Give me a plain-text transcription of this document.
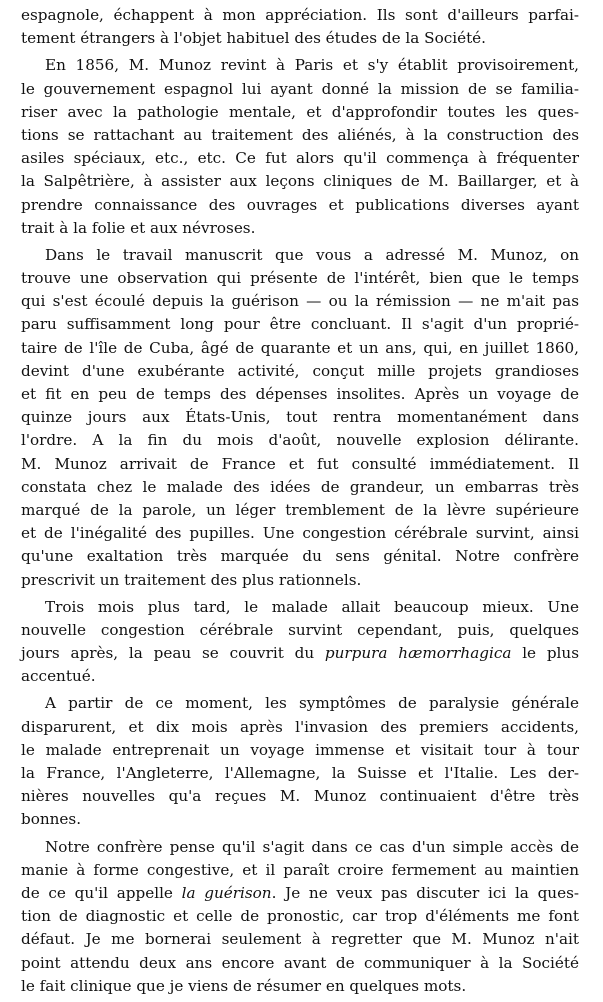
espagnole, échappent à mon appréciation. Ils sont d'ailleurs parfai-
tement étrangers à l'objet habituel des études de la Société.
En 1856, M. Munoz revint à Paris et s'y établit provisoirement,
le gouvernement espagnol lui ayant donné la mission de se familia-
riser avec la pathologie mentale, et d'approfondir toutes les ques-
tions se rattachant au traitement des aliénés, à la construction des
asiles spéciaux, etc., etc. Ce fut alors qu'il commença à fréquenter
la Salpêtrière, à assister aux leçons cliniques de M. Baillarger, et à
prendre connaissance des ouvrages et publications diverses ayant
trait à la folie et aux névroses.
Dans le travail manuscrit que vous a adressé M. Munoz, on
trouve une observation qui présente de l'intérêt, bien que le temps
qui s'est écoulé depuis la guérison — ou la rémission — ne m'ait pas
paru suffisamment long pour être concluant. Il s'agit d'un proprié-
taire de l'île de Cuba, âgé de quarante et un ans, qui, en juillet 1860,
devint d'une exubérante activité, conçut mille projets grandioses
et fit en peu de temps des dépenses insolites. Après un voyage de
quinze jours aux États-Unis, tout rentra momentanément dans
l'ordre. A la fin du mois d'août, nouvelle explosion délirante.
M. Munoz arrivait de France et fut consulté immédiatement. Il
constata chez le malade des idées de grandeur, un embarras très
marqué de la parole, un léger tremblement de la lèvre supérieure
et de l'inégalité des pupilles. Une congestion cérébrale survint, ainsi
qu'une exaltation très marquée du sens génital. Notre confrère
prescrivit un traitement des plus rationnels.
Trois mois plus tard, le malade allait beaucoup mieux. Une
nouvelle congestion cérébrale survint cependant, puis, quelques
jours après, la peau se couvrit du purpura hæmorrhagica le plus
accentué.
A partir de ce moment, les symptômes de paralysie générale
disparurent, et dix mois après l'invasion des premiers accidents,
le malade entreprenait un voyage immense et visitait tour à tour
la France, l'Angleterre, l'Allemagne, la Suisse et l'Italie. Les der-
nières nouvelles qu'a reçues M. Munoz continuaient d'être très
bonnes.
Notre confrère pense qu'il s'agit dans ce cas d'un simple accès de
manie à forme congestive, et il paraît croire fermement au maintien
de ce qu'il appelle la guérison. Je ne veux pas discuter ici la ques-
tion de diagnostic et celle de pronostic, car trop d'éléments me font
défaut. Je me bornerai seulement à regretter que M. Munoz n'ait
point attendu deux ans encore avant de communiquer à la Société
le fait clinique que je viens de résumer en quelques mots.
